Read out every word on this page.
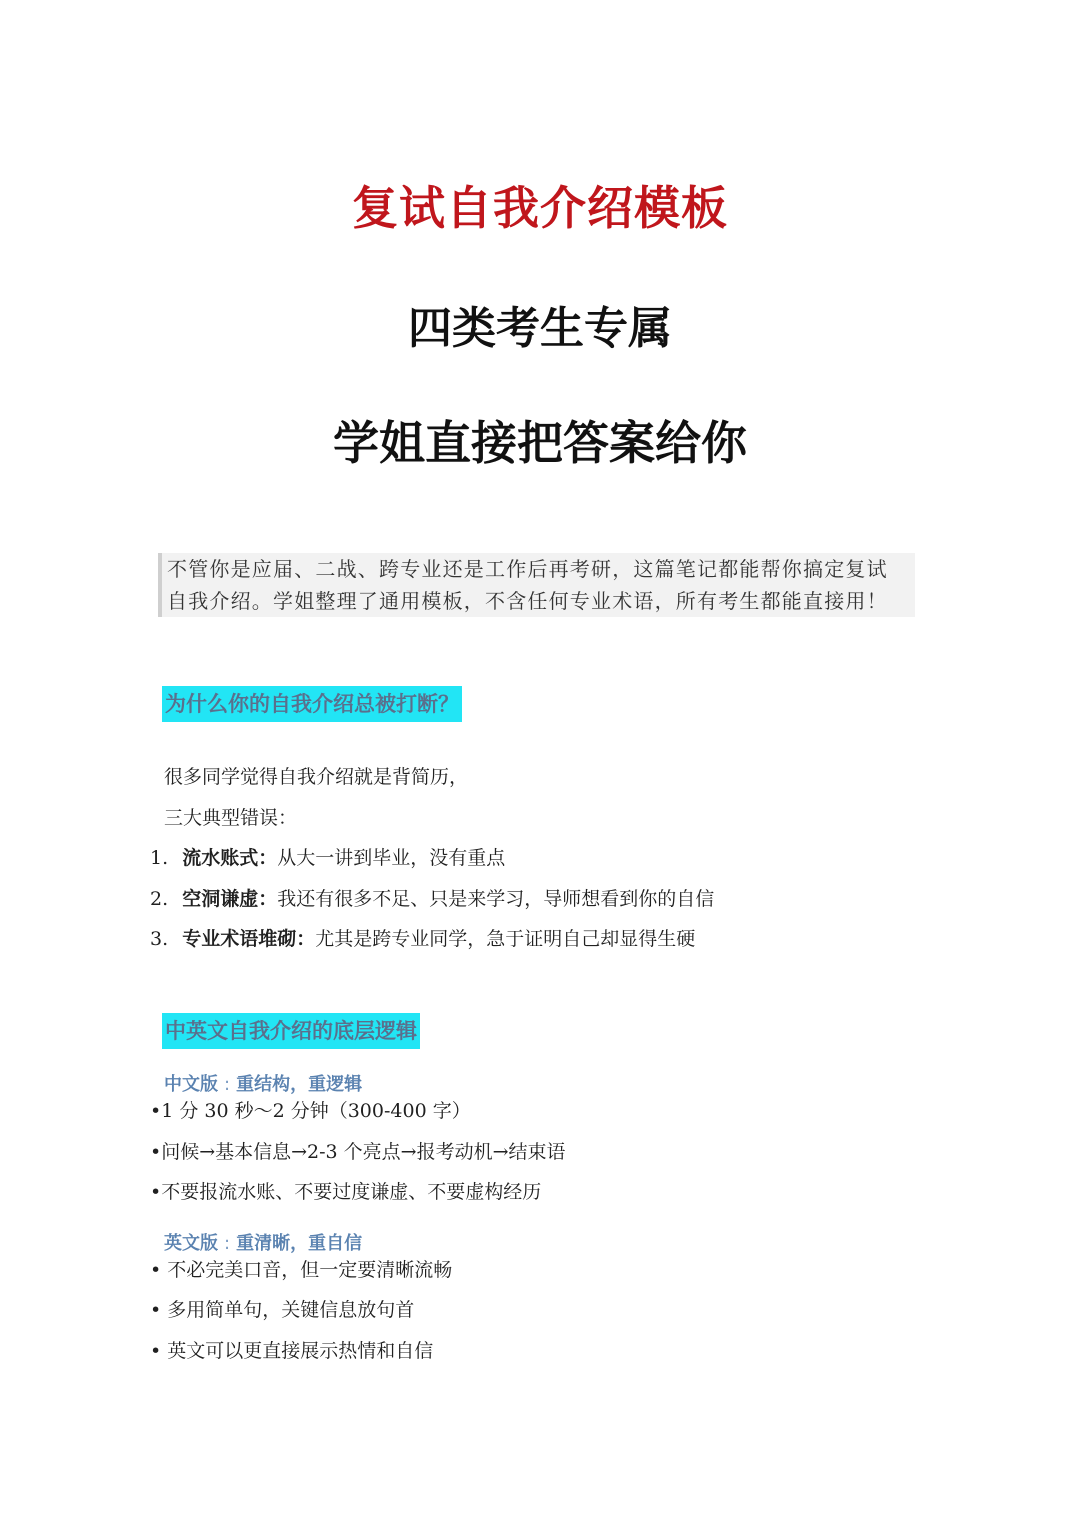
复试自我介绍模板
四类考生专属
学姐直接把答案给你

不管你是应届、二战、跨专业还是工作后再考研，这篇笔记都能帮你搞定复试

自我介绍。学姐整理了通用模板，不含任何专业术语，所有考生都能直接用！

为什么你的自我介绍总被打断？
很多同学觉得自我介绍就是背简历，
三大典型错误：
1. 流水账式：从大一讲到毕业，没有重点
2. 空洞谦虚：我还有很多不足、只是来学习，导师想看到你的自信
3. 专业术语堆砌：尤其是跨专业同学，急于证明自己却显得生硬
中英文自我介绍的底层逻辑
中文版 : 重结构，重逻辑
•1 分 30 秒～2 分钟（300-400 字）
•问候→基本信息→2-3 个亮点→报考动机→结束语
•不要报流水账、不要过度谦虚、不要虚构经历
英文版 : 重清晰，重自信
• 不必完美口音，但一定要清晰流畅
• 多用简单句，关键信息放句首
• 英文可以更直接展示热情和自信
